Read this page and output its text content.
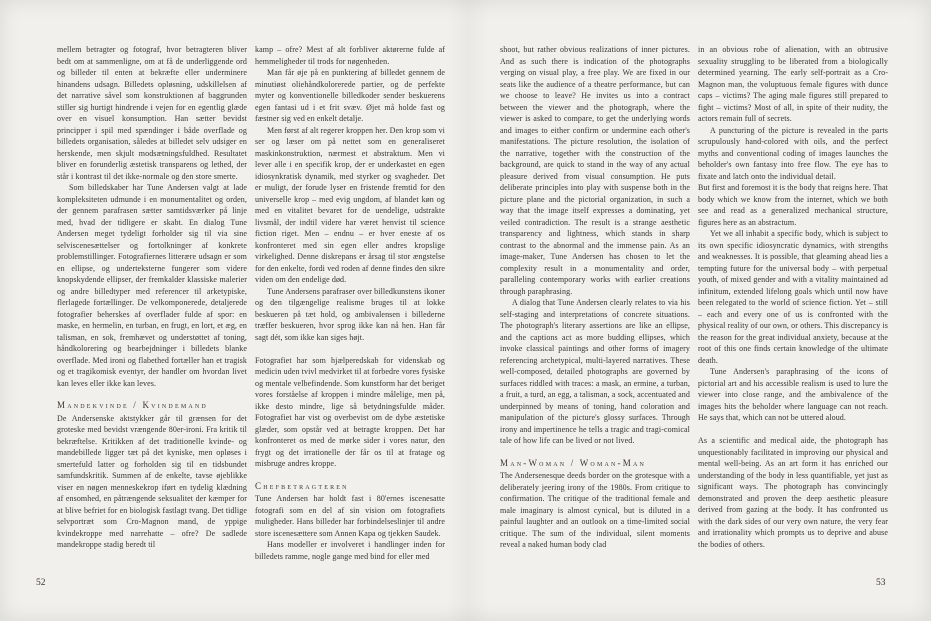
mellem betragter og fotograf, hvor betragteren bliver bedt om at sammenligne, om at få de underliggende ord og billeder til enten at bekræfte eller underminere hinandens udsagn. Billedets opløsning, udskillelsen af det narrative såvel som konstruktionen af baggrunden stiller sig hurtigt hindrende i vejen for en egentlig glæde over en visuel konsumption. Han sætter bevidst principper i spil med spændinger i både overflade og billedets organisation, således at billedet selv udsiger en herskende, men skjult modsætningsfuldhed. Resultatet bliver en forunderlig æstetisk transparens og lethed, der står i kontrast til det ikke-normale og den store smerte.
Som billedskaber har Tune Andersen valgt at lade kompleksiteten udmunde i en monumentalitet og orden, der gennem parafrasen sætter samtidsværker på linje med, hvad der tidligere er skabt. En dialog Tune Andersen meget tydeligt forholder sig til via sine selviscenesættelser og fortolkninger af konkrete problemstillinger. Fotografiernes litterære udsagn er som en ellipse, og underteksterne fungerer som videre knopskydende ellipser, der fremkalder klassiske malerier og andre billedtyper med referencer til arketypiske, flerlagede fortællinger. De velkomponerede, detaljerede fotografier beherskes af overflader fulde af spor: en maske, en hermelin, en turban, en frugt, en lort, et æg, en talisman, en sok, fremhævet og understøttet af toning, håndkolorering og bearbejdninger i billedets blanke overflade. Med ironi og flabethed fortæller han et tragisk og et tragikomisk eventyr, der handler om hvordan livet kan leves eller ikke kan leves.
Mandekvinde / Kvindemand
De Andersenske aktstykker går til grænsen for det groteske med bevidst vrængende 80er-ironi. Fra kritik til bekræftelse. Kritikken af det traditionelle kvinde- og mandebillede ligger tæt på det kyniske, men opløses i smertefuld latter og forholden sig til en tidsbundet samfundskritik. Summen af de enkelte, tavse øjeblikke viser en nøgen menneskekrop iført en tydelig klædning af ensomhed, en påtrængende seksualitet der kæmper for at blive befriet for en biologisk fastlagt tvang. Det tidlige selvportræt som Cro-Magnon mand, de yppige kvindekroppe med narrehatte – ofre? De sadlede mandekroppe stadig beredt til
kamp – ofre? Mest af alt forbliver aktørerne fulde af hemmeligheder til trods for nøgenheden.
Man får øje på en punktering af billedet gennem de minutiøst oliehåndkolorerede partier, og de perfekte myter og konventionelle billedkoder sender beskuerens egen fantasi ud i et frit svæv. Øjet må holde fast og fæstner sig ved en enkelt detalje.
Men først af alt regerer kroppen her. Den krop som vi ser og læser om på nettet som en generaliseret maskinkonstruktion, nærmest et abstraktum. Men vi lever alle i en specifik krop, der er underkastet en egen idiosynkratisk dynamik, med styrker og svagheder. Det er muligt, der forude lyser en fristende fremtid for den universelle krop – med evig ungdom, af blandet køn og med en vitalitet bevaret for de uendelige, udstrakte livsmål, der indtil videre har været henvist til science fiction riget. Men – endnu – er hver eneste af os konfronteret med sin egen eller andres kropslige virkelighed. Denne diskrepans er årsag til stor ængstelse for den enkelte, fordi ved roden af denne findes den sikre viden om den endelige død.
Tune Andersens parafraser over billedkunstens ikoner og den tilgængelige realisme bruges til at lokke beskueren på tæt hold, og ambivalensen i billederne træffer beskueren, hvor sprog ikke kan nå hen. Han får sagt dét, som ikke kan siges højt.
Fotografiet har som hjælperedskab for videnskab og medicin uden tvivl medvirket til at forbedre vores fysiske og mentale velbefindende. Som kunstform har det beriget vores forståelse af kroppen i mindre målelige, men på, ikke desto mindre, lige så betydningsfulde måder. Fotografiet har vist og overbevist om de dybe æstetiske glæder, som opstår ved at betragte kroppen. Det har konfronteret os med de mørke sider i vores natur, den frygt og det irrationelle der får os til at fratage og misbruge andres kroppe.
Chefbetragteren
Tune Andersen har holdt fast i 80'ernes iscenesatte fotografi som en del af sin vision om fotografiets muligheder. Hans billeder har forbindelseslinjer til andre store iscenesættere som Annen Kapa og tjekken Saudek.
Hans modeller er involveret i handlinger inden for billedets ramme, nogle gange med bind for eller med
52
shoot, but rather obvious realizations of inner pictures. And as such there is indication of the photographs verging on visual play, a free play. We are fixed in our seats like the audience of a theatre performance, but can we choose to leave? He invites us into a contract between the viewer and the photograph, where the viewer is asked to compare, to get the underlying words and images to either confirm or undermine each other's manifestations. The picture resolution, the isolation of the narrative, together with the construction of the background, are quick to stand in the way of any actual pleasure derived from visual consumption. He puts deliberate principles into play with suspense both in the picture plane and the pictorial organization, in such a way that the image itself expresses a dominating, yet veiled contradiction. The result is a strange aesthetic transparency and lightness, which stands in sharp contrast to the abnormal and the immense pain. As an image-maker, Tune Andersen has chosen to let the complexity result in a monumentality and order, paralleling contemporary works with earlier creations through paraphrasing.
A dialog that Tune Andersen clearly relates to via his self-staging and interpretations of concrete situations. The photograph's literary assertions are like an ellipse, and the captions act as more budding ellipses, which invoke classical paintings and other forms of imagery referencing archetypical, multi-layered narratives. These well-composed, detailed photographs are governed by surfaces riddled with traces: a mask, an ermine, a turban, a fruit, a turd, an egg, a talisman, a sock, accentuated and underpinned by means of toning, hand coloration and manipulation of the picture's glossy surfaces. Through irony and impertinence he tells a tragic and tragi-comical tale of how life can be lived or not lived.
Man-Woman / Woman-Man
The Andersenesque deeds border on the grotesque with a deliberately jeering irony of the 1980s. From critique to confirmation. The critique of the traditional female and male imaginary is almost cynical, but is diluted in a painful laughter and an outlook on a time-limited social critique. The sum of the individual, silent moments reveal a naked human body clad
in an obvious robe of alienation, with an obtrusive sexuality struggling to be liberated from a biologically determined yearning. The early self-portrait as a Cro-Magnon man, the voluptuous female figures with dunce caps – victims? The aging male figures still prepared to fight – victims? Most of all, in spite of their nudity, the actors remain full of secrets.
A puncturing of the picture is revealed in the parts scrupulously hand-colored with oils, and the perfect myths and conventional coding of images launches the beholder's own fantasy into free flow. The eye has to fixate and latch onto the individual detail.
But first and foremost it is the body that reigns here. That body which we know from the internet, which we both see and read as a generalized mechanical structure, figures here as an abstractum.
Yet we all inhabit a specific body, which is subject to its own specific idiosyncratic dynamics, with strengths and weaknesses. It is possible, that gleaming ahead lies a tempting future for the universal body – with perpetual youth, of mixed gender and with a vitality maintained ad infinitum, extended lifelong goals which until now have been relegated to the world of science fiction. Yet – still – each and every one of us is confronted with the physical reality of our own, or others. This discrepancy is the reason for the great individual anxiety, because at the root of this one finds certain knowledge of the ultimate death.
Tune Andersen's paraphrasing of the icons of pictorial art and his accessible realism is used to lure the viewer into close range, and the ambivalence of the images hits the beholder where language can not reach. He says that, which can not be uttered aloud.
As a scientific and medical aide, the photograph has unquestionably facilitated in improving our physical and mental well-being. As an art form it has enriched our understanding of the body in less quantifiable, yet just as significant ways. The photograph has convincingly demonstrated and proven the deep aesthetic pleasure derived from gazing at the body. It has confronted us with the dark sides of our very own nature, the very fear and irrationality which prompts us to deprive and abuse the bodies of others.
53
